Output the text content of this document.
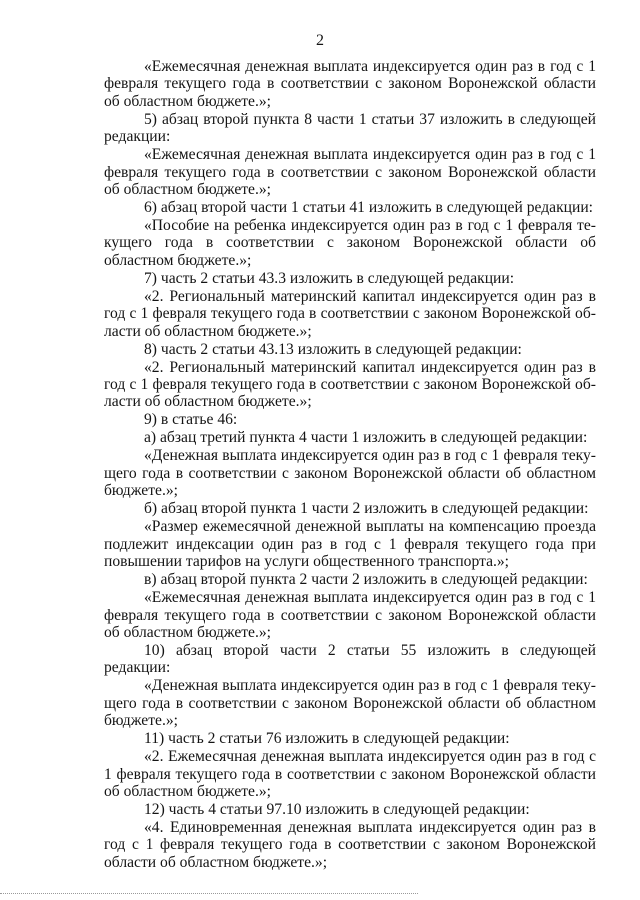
2

«Ежемесячная денежная выплата индексируется один раз в год с 1 февраля текущего года в соответствии с законом Воронежской области об областном бюджете.»;

5) абзац второй пункта 8 части 1 статьи 37 изложить в следующей редакции:

«Ежемесячная денежная выплата индексируется один раз в год с 1 февраля текущего года в соответствии с законом Воронежской области об областном бюджете.»;

6) абзац второй части 1 статьи 41 изложить в следующей редакции:

«Пособие на ребенка индексируется один раз в год с 1 февраля текущего года в соответствии с законом Воронежской области об областном бюджете.»;

7) часть 2 статьи 43.3 изложить в следующей редакции:

«2. Региональный материнский капитал индексируется один раз в год с 1 февраля текущего года в соответствии с законом Воронежской области об областном бюджете.»;

8) часть 2 статьи 43.13 изложить в следующей редакции:

«2. Региональный материнский капитал индексируется один раз в год с 1 февраля текущего года в соответствии с законом Воронежской области об областном бюджете.»;

9) в статье 46:

а) абзац третий пункта 4 части 1 изложить в следующей редакции:

«Денежная выплата индексируется один раз в год с 1 февраля текущего года в соответствии с законом Воронежской области об областном бюджете.»;

б) абзац второй пункта 1 части 2 изложить в следующей редакции:

«Размер ежемесячной денежной выплаты на компенсацию проезда подлежит индексации один раз в год с 1 февраля текущего года при повышении тарифов на услуги общественного транспорта.»;

в) абзац второй пункта 2 части 2 изложить в следующей редакции:

«Ежемесячная денежная выплата индексируется один раз в год с 1 февраля текущего года в соответствии с законом Воронежской области об областном бюджете.»;

10) абзац второй части 2 статьи 55 изложить в следующей редакции:

«Денежная выплата индексируется один раз в год с 1 февраля текущего года в соответствии с законом Воронежской области об областном бюджете.»;

11) часть 2 статьи 76 изложить в следующей редакции:

«2. Ежемесячная денежная выплата индексируется один раз в год с 1 февраля текущего года в соответствии с законом Воронежской области об областном бюджете.»;

12) часть 4 статьи 97.10 изложить в следующей редакции:

«4. Единовременная денежная выплата индексируется один раз в год с 1 февраля текущего года в соответствии с законом Воронежской области об областном бюджете.»;
